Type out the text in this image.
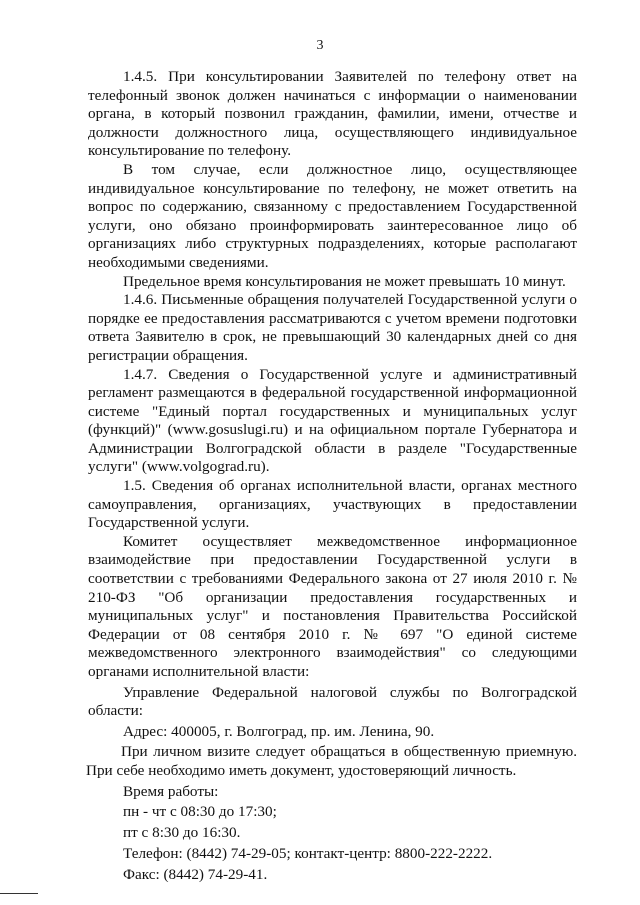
3

1.4.5. При консультировании Заявителей по телефону ответ на телефонный звонок должен начинаться с информации о наименовании органа, в который позвонил гражданин, фамилии, имени, отчестве и должности должностного лица, осуществляющего индивидуальное консультирование по телефону.

В том случае, если должностное лицо, осуществляющее индивидуальное консультирование по телефону, не может ответить на вопрос по содержанию, связанному с предоставлением Государственной услуги, оно обязано проинформировать заинтересованное лицо об организациях либо структурных подразделениях, которые располагают необходимыми сведениями.

Предельное время консультирования не может превышать 10 минут.

1.4.6. Письменные обращения получателей Государственной услуги о порядке ее предоставления рассматриваются с учетом времени подготовки ответа Заявителю в срок, не превышающий 30 календарных дней со дня регистрации обращения.

1.4.7. Сведения о Государственной услуге и административный регламент размещаются в федеральной государственной информационной системе "Единый портал государственных и муниципальных услуг (функций)" (www.gosuslugi.ru) и на официальном портале Губернатора и Администрации Волгоградской области в разделе "Государственные услуги" (www.volgograd.ru).

1.5. Сведения об органах исполнительной власти, органах местного самоуправления, организациях, участвующих в предоставлении Государственной услуги.

Комитет осуществляет межведомственное информационное взаимодействие при предоставлении Государственной услуги в соответствии с требованиями Федерального закона от 27 июля 2010 г. № 210-ФЗ "Об организации предоставления государственных и муниципальных услуг" и постановления Правительства Российской Федерации от 08 сентября 2010 г. № 697 "О единой системе межведомственного электронного взаимодействия" со следующими органами исполнительной власти:

Управление Федеральной налоговой службы по Волгоградской области:

Адрес: 400005, г. Волгоград, пр. им. Ленина, 90.

При личном визите следует обращаться в общественную приемную. При себе необходимо иметь документ, удостоверяющий личность.

Время работы:

пн - чт с 08:30 до 17:30;

пт с 8:30 до 16:30.

Телефон: (8442) 74-29-05; контакт-центр: 8800-222-2222.

Факс: (8442) 74-29-41.
